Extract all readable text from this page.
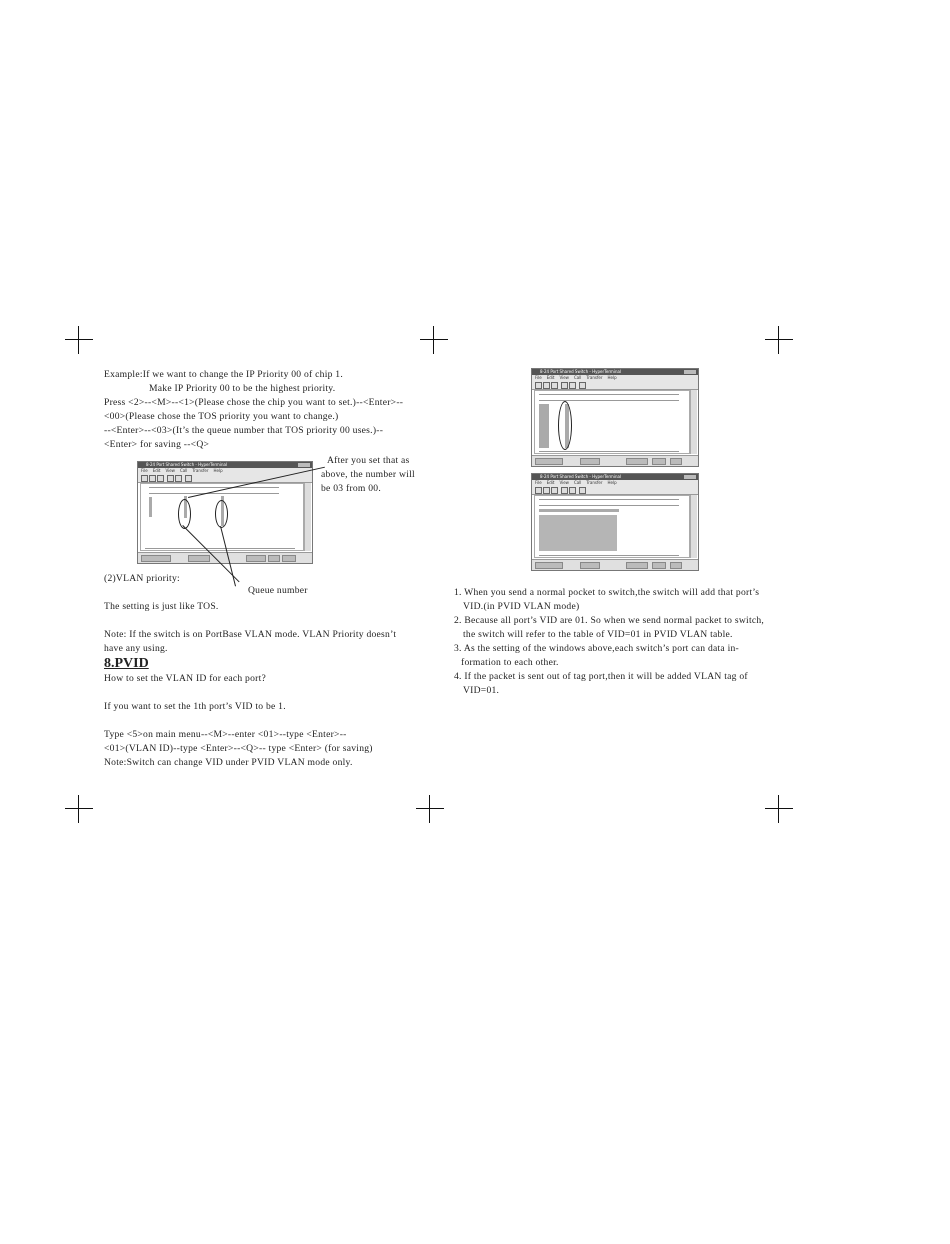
Example:If we want to change the IP Priority 00 of chip 1.
Make IP Priority 00 to be the highest priority.
Press <2>--<M>--<1>(Please chose the chip you want to set.)--<Enter>--
<00>(Please chose the TOS priority you want to change.)
--<Enter>--<03>(It’s the queue number that TOS priority 00 uses.)--
<Enter> for saving --<Q>
8-24 Port Shared Switch - HyperTerminal
File Edit View Call Transfer Help
After you set that as
above, the number will
be 03 from 00.
(2)VLAN priority:
Queue number
The setting is just like TOS.
Note: If the switch is on PortBase VLAN mode. VLAN Priority doesn’t
have any using.
8.PVID
How to set the VLAN ID for each port?
If you want to set the 1th port’s VID to be 1.
Type <5>on main menu--<M>--enter <01>--type <Enter>--
<01>(VLAN ID)--type <Enter>--<Q>-- type <Enter> (for saving)
Note:Switch can change VID under PVID VLAN mode only.
8-24 Port Shared Switch - HyperTerminal
File Edit View Call Transfer Help
8-24 Port Shared Switch - HyperTerminal
File Edit View Call Transfer Help
1. When you send a normal pocket to switch,the switch will add that port’s
VID.(in PVID VLAN mode)
2. Because all port’s VID are 01. So when we send normal packet to switch,
the switch will refer to the table of VID=01 in PVID VLAN table.
3. As the setting of the windows above,each switch’s port can data in-
formation to each other.
4. If the packet is sent out of tag port,then it will be added VLAN tag of
VID=01.
